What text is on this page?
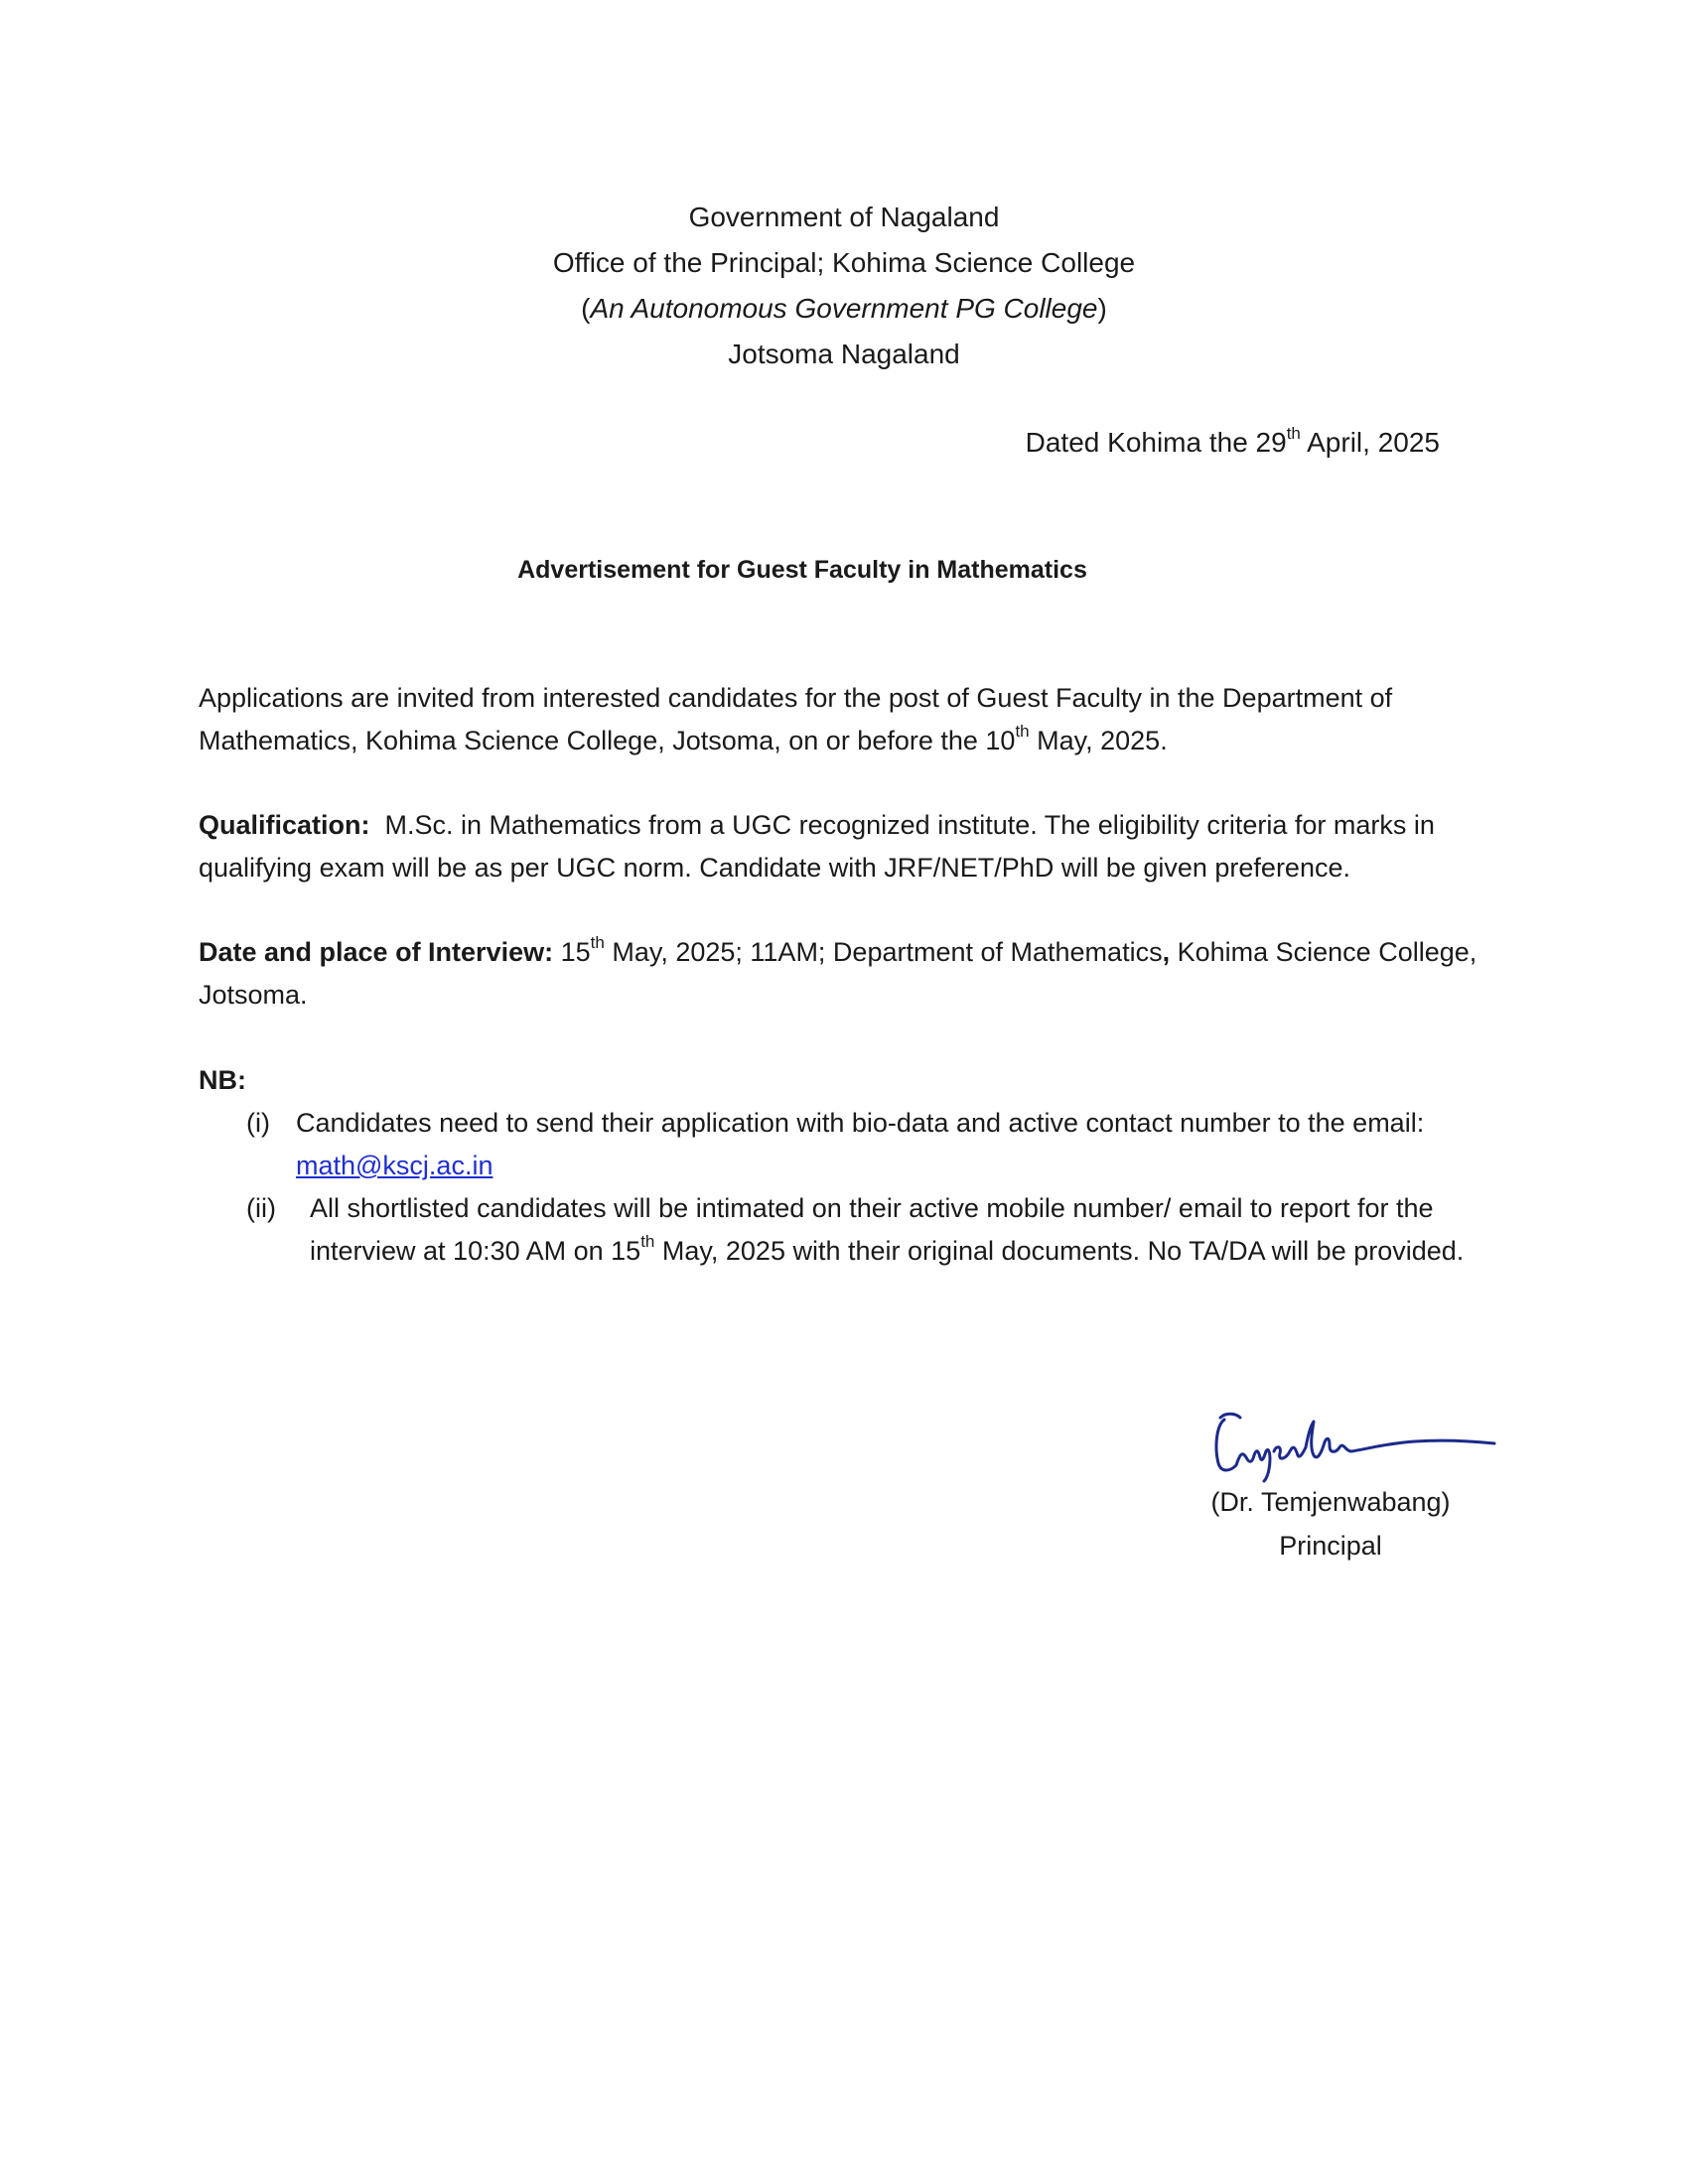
Government of Nagaland
Office of the Principal; Kohima Science College
(An Autonomous Government PG College)
Jotsoma Nagaland
Dated Kohima the 29th April, 2025
Advertisement for Guest Faculty in Mathematics
Applications are invited from interested candidates for the post of Guest Faculty in the Department of Mathematics, Kohima Science College, Jotsoma, on or before the 10th May, 2025.
Qualification:  M.Sc. in Mathematics from a UGC recognized institute. The eligibility criteria for marks in qualifying exam will be as per UGC norm. Candidate with JRF/NET/PhD will be given preference.
Date and place of Interview: 15th May, 2025; 11AM; Department of Mathematics, Kohima Science College, Jotsoma.
NB:
(i) Candidates need to send their application with bio-data and active contact number to the email:
math@kscj.ac.in
(ii) All shortlisted candidates will be intimated on their active mobile number/ email to report for the interview at 10:30 AM on 15th May, 2025 with their original documents. No TA/DA will be provided.
(Dr. Temjenwabang)
Principal
